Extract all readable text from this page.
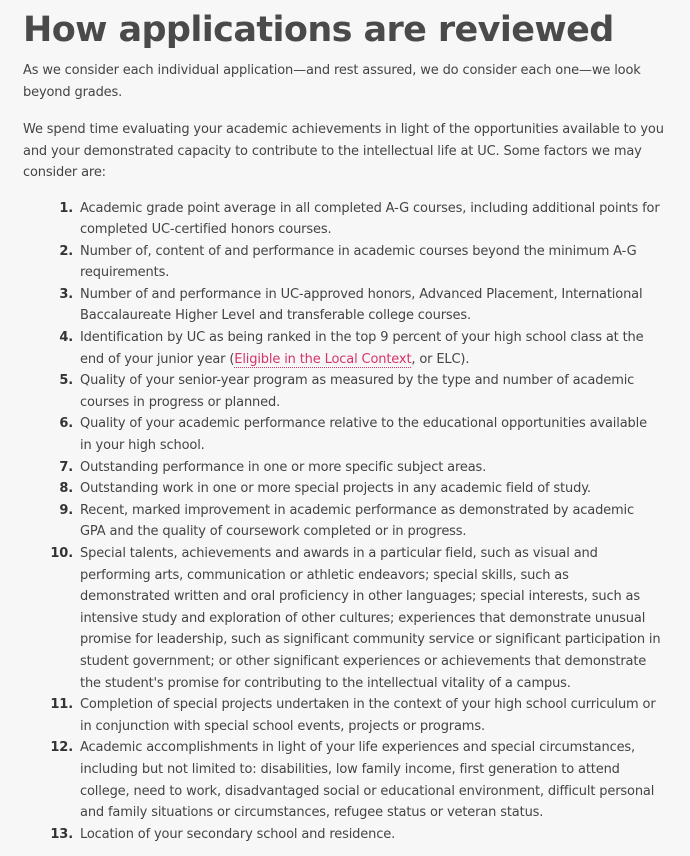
How applications are reviewed

As we consider each individual application—and rest assured, we do consider each one—we look beyond grades.

We spend time evaluating your academic achievements in light of the opportunities available to you and your demonstrated capacity to contribute to the intellectual life at UC. Some factors we may consider are:

1. Academic grade point average in all completed A-G courses, including additional points for completed UC-certified honors courses.
2. Number of, content of and performance in academic courses beyond the minimum A-G requirements.
3. Number of and performance in UC-approved honors, Advanced Placement, International Baccalaureate Higher Level and transferable college courses.
4. Identification by UC as being ranked in the top 9 percent of your high school class at the end of your junior year (Eligible in the Local Context, or ELC).
5. Quality of your senior-year program as measured by the type and number of academic courses in progress or planned.
6. Quality of your academic performance relative to the educational opportunities available in your high school.
7. Outstanding performance in one or more specific subject areas.
8. Outstanding work in one or more special projects in any academic field of study.
9. Recent, marked improvement in academic performance as demonstrated by academic GPA and the quality of coursework completed or in progress.
10. Special talents, achievements and awards in a particular field, such as visual and performing arts, communication or athletic endeavors; special skills, such as demonstrated written and oral proficiency in other languages; special interests, such as intensive study and exploration of other cultures; experiences that demonstrate unusual promise for leadership, such as significant community service or significant participation in student government; or other significant experiences or achievements that demonstrate the student's promise for contributing to the intellectual vitality of a campus.
11. Completion of special projects undertaken in the context of your high school curriculum or in conjunction with special school events, projects or programs.
12. Academic accomplishments in light of your life experiences and special circumstances, including but not limited to: disabilities, low family income, first generation to attend college, need to work, disadvantaged social or educational environment, difficult personal and family situations or circumstances, refugee status or veteran status.
13. Location of your secondary school and residence.
